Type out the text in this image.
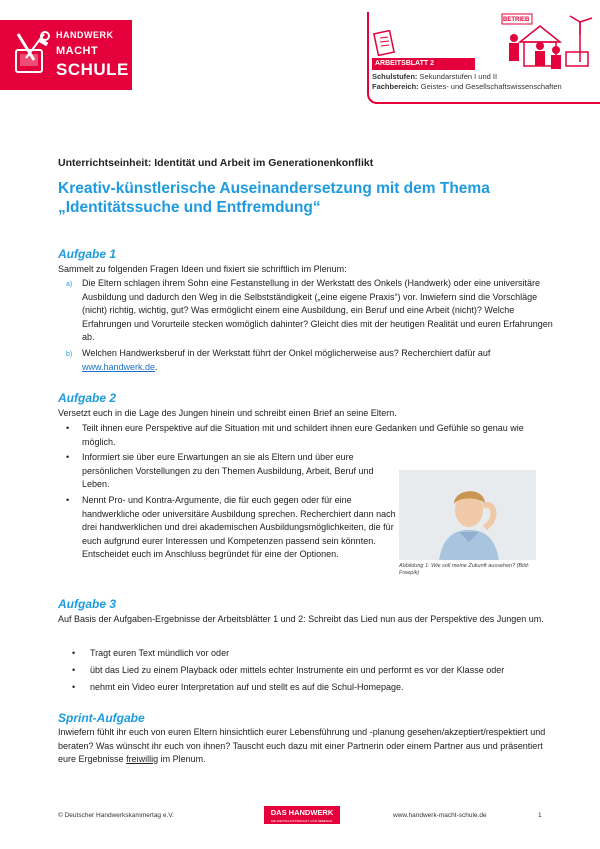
HANDWERK
MACHT
SCHULE
BETRIEB
ARBEITSBLATT 2
Schulstufen: Sekundarstufen I und II
Fachbereich: Geistes- und Gesellschaftswissenschaften
Unterrichtseinheit: Identität und Arbeit im Generationenkonflikt
Kreativ-künstlerische Auseinandersetzung mit dem Thema „Identitätssuche und Entfremdung“
Aufgabe 1
Sammelt zu folgenden Fragen Ideen und fixiert sie schriftlich im Plenum:
a) Die Eltern schlagen ihrem Sohn eine Festanstellung in der Werkstatt des Onkels (Handwerk) oder eine universitäre Ausbildung und dadurch den Weg in die Selbstständigkeit („eine eigene Praxis“) vor. Inwiefern sind die Vorschläge (nicht) richtig, wichtig, gut? Was ermöglicht einem eine Ausbildung, ein Beruf und eine Arbeit (nicht)? Welche Erfahrungen und Vorurteile stecken womöglich dahinter? Gleicht dies mit der heutigen Realität und euren Erfahrungen ab.
b) Welchen Handwerksberuf in der Werkstatt führt der Onkel möglicherweise aus? Recherchiert dafür auf
www.handwerk.de.
Aufgabe 2
Versetzt euch in die Lage des Jungen hinein und schreibt einen Brief an seine Eltern.
• Teilt ihnen eure Perspektive auf die Situation mit und schildert ihnen eure Gedanken und Gefühle so genau wie möglich.
• Informiert sie über eure Erwartungen an sie als Eltern und über eure persönlichen Vorstellungen zu den Themen Ausbildung, Arbeit, Beruf und Leben.
• Nennt Pro- und Kontra-Argumente, die für euch gegen oder für eine handwerkliche oder universitäre Ausbildung sprechen. Recherchiert dann nach drei handwerklichen und drei akademischen Ausbildungsmöglichkeiten, die für euch aufgrund eurer Interessen und Kompetenzen passend sein könnten. Entscheidet euch im Anschluss begründet für eine der Optionen.
Abbildung 1: Wie soll meine Zukunft aussehen? (Bild: Freepik)
Aufgabe 3
Auf Basis der Aufgaben-Ergebnisse der Arbeitsblätter 1 und 2: Schreibt das Lied nun aus der Perspektive des Jungen um.
• Tragt euren Text mündlich vor oder
• übt das Lied zu einem Playback oder mittels echter Instrumente ein und performt es vor der Klasse oder
• nehmt ein Video eurer Interpretation auf und stellt es auf die Schul-Homepage.
Sprint-Aufgabe
Inwiefern fühlt ihr euch von euren Eltern hinsichtlich eurer Lebensführung und -planung gesehen/akzeptiert/respektiert und beraten? Was wünscht ihr euch von ihnen? Tauscht euch dazu mit einer Partnerin oder einem Partner aus und präsentiert eure Ergebnisse freiwillig im Plenum.
© Deutscher Handwerkskammertag e.V.	DAS HANDWERK
DIE WIRTSCHAFTSMACHT. VON NEBENAN.
www.handwerk-macht-schule.de	1
